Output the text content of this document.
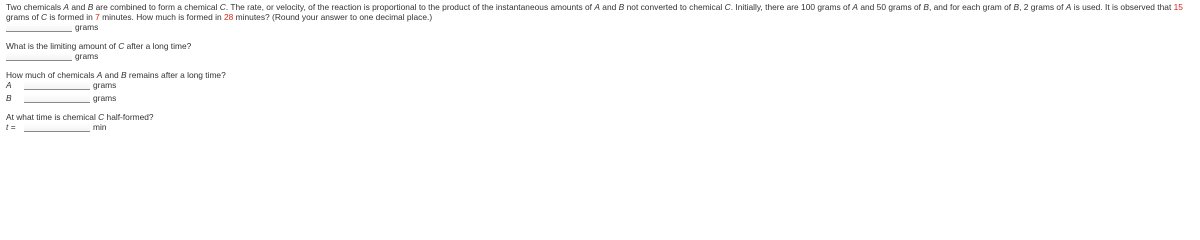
Two chemicals A and B are combined to form a chemical C. The rate, or velocity, of the reaction is proportional to the product of the instantaneous amounts of A and B not converted to chemical C. Initially, there are 100 grams of A and 50 grams of B, and for each gram of B, 2 grams of A is used. It is observed that 15 grams of C is formed in 7 minutes. How much is formed in 28 minutes? (Round your answer to one decimal place.)
grams
What is the limiting amount of C after a long time?
grams
How much of chemicals A and B remains after a long time?
A	grams
B	grams
At what time is chemical C half-formed?
t =	min
